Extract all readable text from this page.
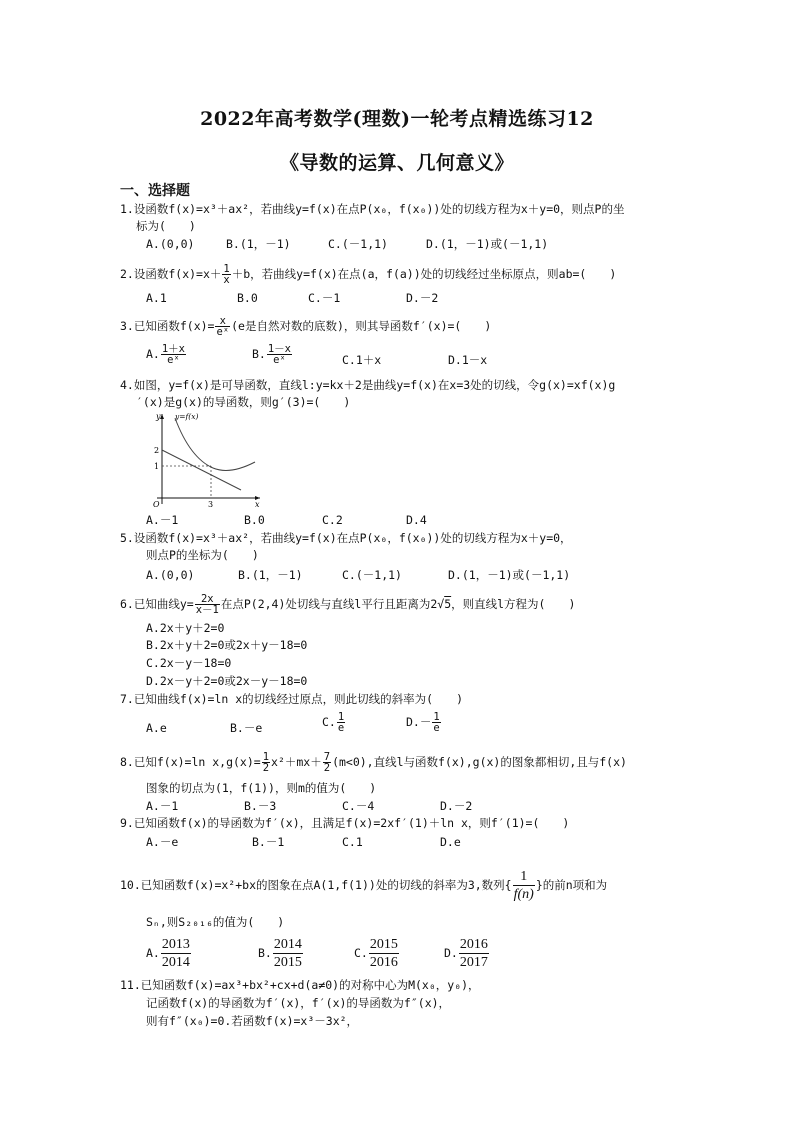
2022年高考数学(理数)一轮考点精选练习12
《导数的运算、几何意义》
一、选择题
1.设函数f(x)=x³＋ax²，若曲线y=f(x)在点P(x₀，f(x₀))处的切线方程为x＋y=0，则点P的坐
标为(　　)
A.(0,0)	B.(1，－1)	C.(－1,1)	D.(1，－1)或(－1,1)
2.设函数$f(x)=x+ \frac{1}{x} +b$，若曲线y=f(x)在点(a，f(a))处的切线经过坐标原点，则ab=(　　)
A.1	B.0	C.－1	D.－2
3.已知函数$f(x)= \frac{x}{\text{eˣ}} (e$是自然对数的底数)，则其导函数f′(x)=(　　)
A. $\frac{1+x}{\text{eˣ}}$	B. $\frac{1-x}{\text{eˣ}}$	C.1＋x	D.1－x
4.如图，y=f(x)是可导函数，直线l:y=kx＋2是曲线y=f(x)在x=3处的切线，令g(x)=xf(x)g
′(x)是g(x)的导函数，则g′(3)=(　　)
y y=f(x)
x
O
2
1
3
A.－1	B.0	C.2	D.4
5.设函数f(x)=x³＋ax²，若曲线y=f(x)在点P(x₀，f(x₀))处的切线方程为x＋y=0，
则点P的坐标为(　　)
A.(0,0)	B.(1，－1)	C.(－1,1)	D.(1，－1)或(－1,1)
6.已知曲线$y= \frac{2x}{x-1}$ 在点P(2,4)处切线与直线l平行且距离为2√5，则直线l方程为(　　)
A.2x＋y＋2=0
B.2x＋y＋2=0或2x＋y－18=0
C.2x－y－18=0
D.2x－y＋2=0或2x－y－18=0
7.已知曲线f(x)=ln x的切线经过原点，则此切线的斜率为(　　)
A.e	B.－e	C. $\frac{1}{e}$	$D.- \frac{1}{e}$
8.已知f(x)=ln $x,g(x)= \frac{1}{2} x^2+mx+ \frac{7}{2} (m<0)$,直线l与函数f(x),g(x)的图象都相切,且与f(x)
图象的切点为(1，f(1))，则m的值为(　　)
A.－1	B.－3	C.－4	D.－2
9.已知函数f(x)的导函数为f′(x)，且满足f(x)=2xf′(1)＋ln x，则f′(1)=(　　)
A.－e	B.－1	C.1	D.e
10.已知函数f(x)=x²+bx的图象在点A(1,f(1))处的切线的斜率为3,数列{ $\frac{1}{f(n)}$ }的前n项和为
Sₙ,则S₂₀₁₆的值为(　　)
A. $\frac{2013}{2014}$	B. $\frac{2014}{2015}$	C. $\frac{2015}{2016}$	D. $\frac{2016}{2017}$
11.已知函数f(x)=ax³+bx²+cx+d(a≠0)的对称中心为M(x₀，y₀)，
记函数f(x)的导函数为f′(x)，f′(x)的导函数为f″(x)，
则有f″(x₀)=0.若函数f(x)=x³－3x²，
